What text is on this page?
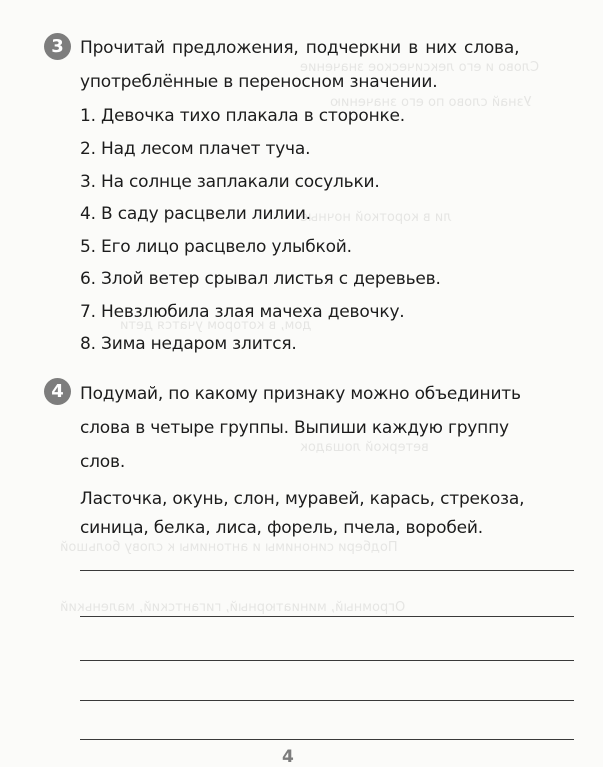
Слово и его лексическое значение
Узнай слово по его значению
ли в короткой ночные
дом, в котором учатся дети
ветеркой лошадок
Подбери синонимы и антонимы к слову большой
Огромный, миниатюрный, гигантский, маленький
3 Прочитай предложения, подчеркни в них слова,
употреблённые в переносном значении.
1. Девочка тихо плакала в сторонке.
2. Над лесом плачет туча.
3. На солнце заплакали сосульки.
4. В саду расцвели лилии.
5. Его лицо расцвело улыбкой.
6. Злой ветер срывал листья с деревьев.
7. Невзлюбила злая мачеха девочку.
8. Зима недаром злится.
4 Подумай, по какому признаку можно объединить
слова в четыре группы. Выпиши каждую группу
слов.
Ласточка, окунь, слон, муравей, карась, стрекоза,
синица, белка, лиса, форель, пчела, воробей.
4
